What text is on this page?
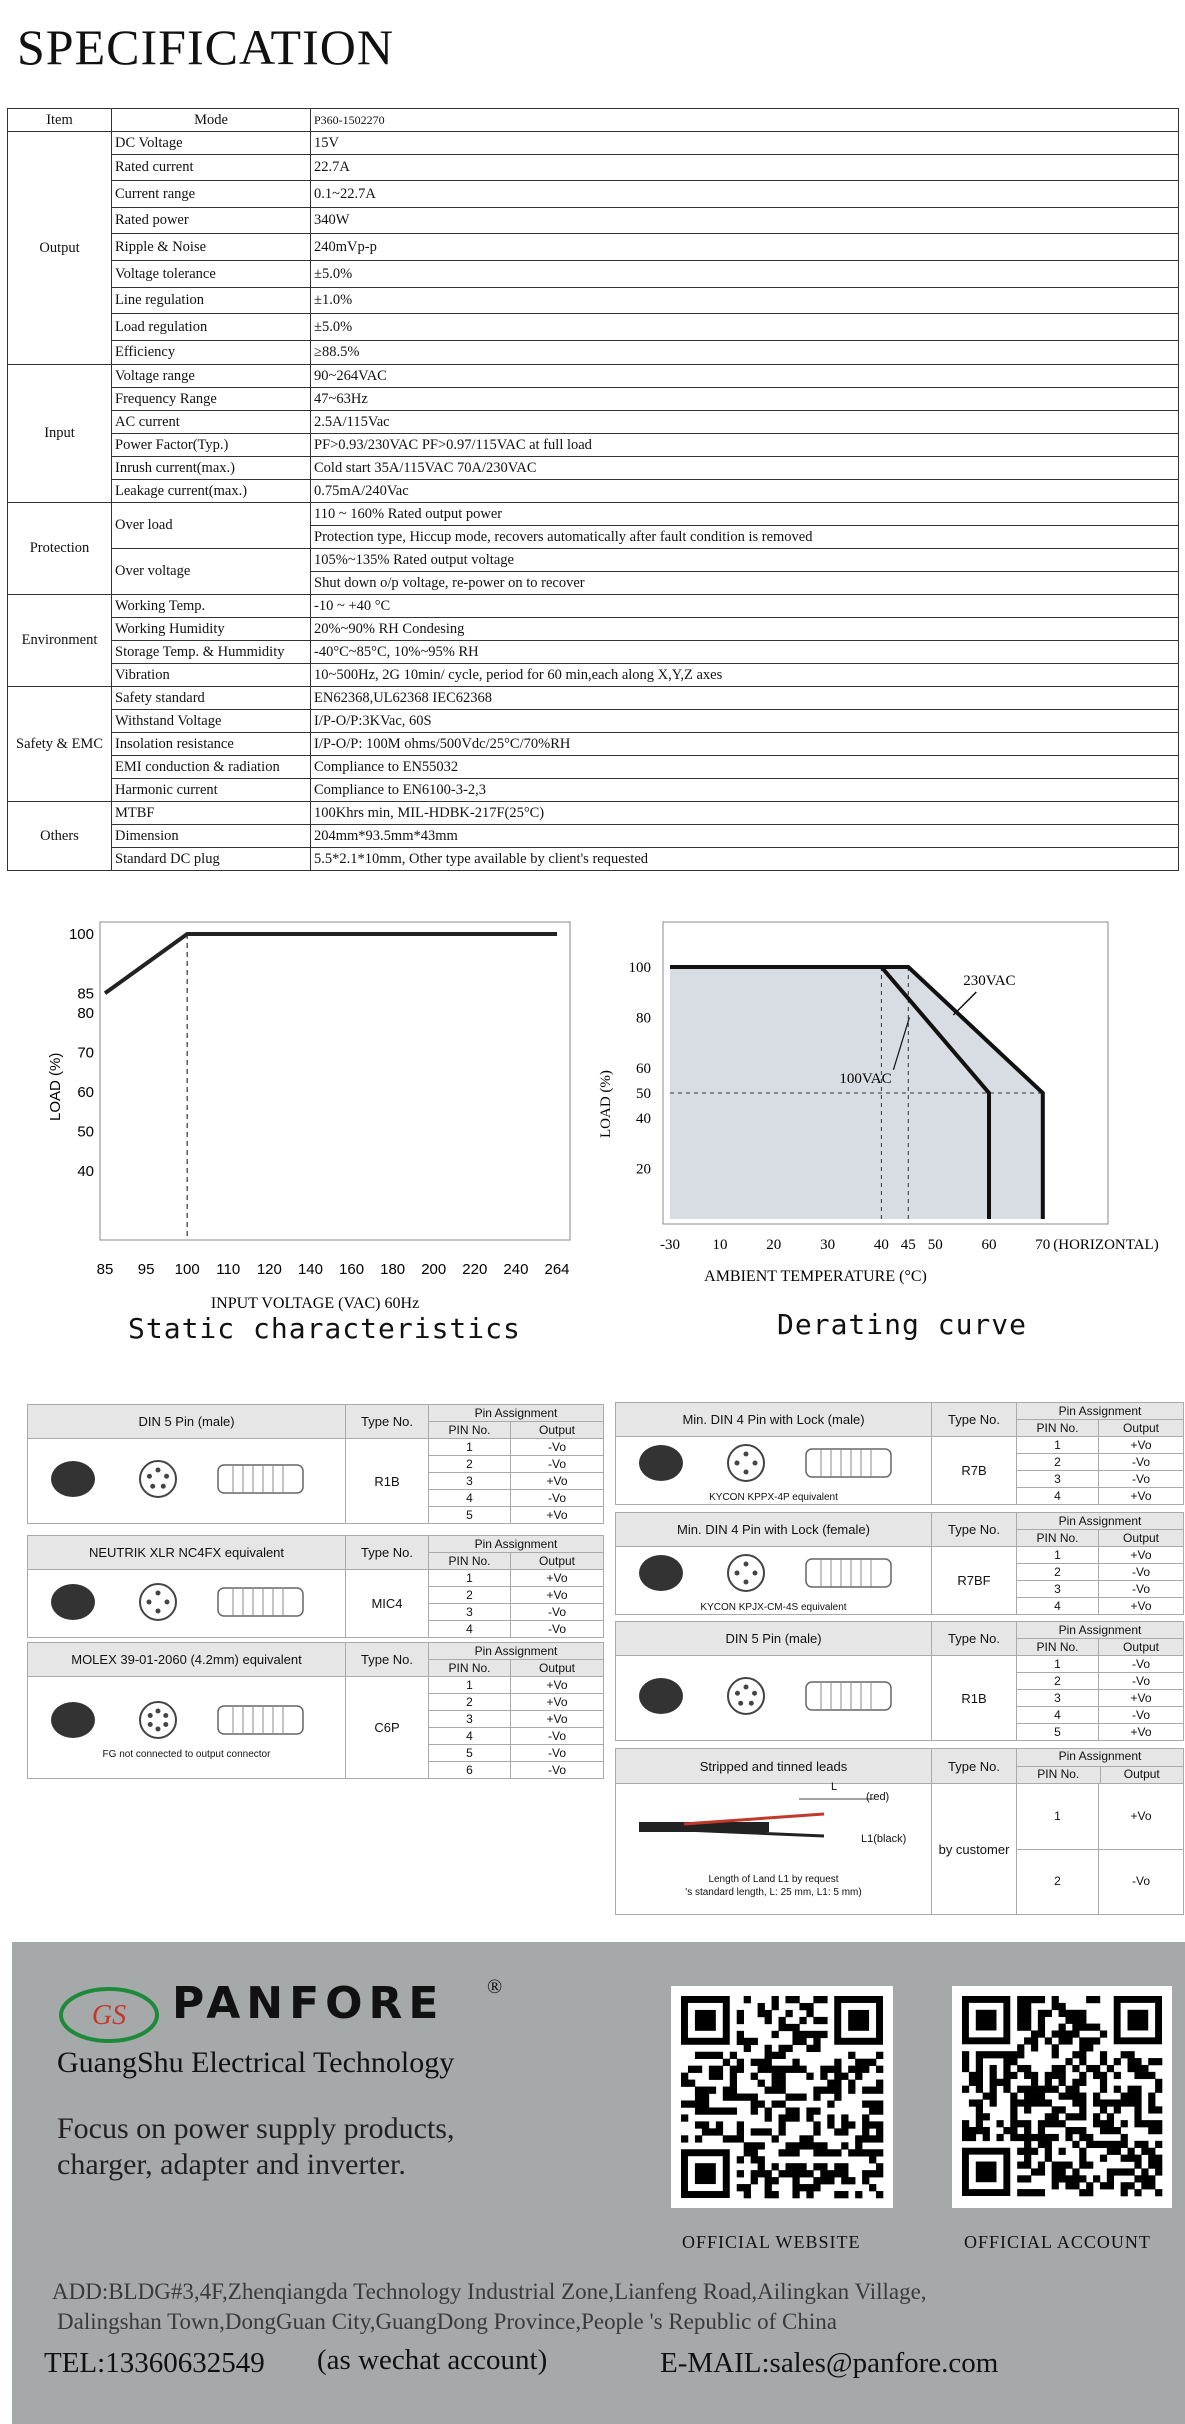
SPECIFICATION
Item	Mode	P360-1502270
Output	DC Voltage	15V
	Rated current	22.7A
	Current range	0.1~22.7A
	Rated power	340W
	Ripple & Noise	240mVp-p
	Voltage tolerance	±5.0%
	Line regulation	±1.0%
	Load regulation	±5.0%
	Efficiency	≥88.5%
Input	Voltage range	90~264VAC
	Frequency Range	47~63Hz
	AC current	2.5A/115Vac
	Power Factor(Typ.)	PF>0.93/230VAC PF>0.97/115VAC at full load
	Inrush current(max.)	Cold start 35A/115VAC 70A/230VAC
	Leakage current(max.)	0.75mA/240Vac
Protection	Over load	110 ~ 160% Rated output power
		Protection type, Hiccup mode, recovers automatically after fault condition is removed
	Over voltage	105%~135% Rated output voltage
		Shut down o/p voltage, re-power on to recover
Environment	Working Temp.	-10 ~ +40 °C
	Working Humidity	20%~90% RH Condesing
	Storage Temp. & Hummidity	-40°C~85°C, 10%~95% RH
	Vibration	10~500Hz, 2G 10min/ cycle, period for 60 min,each along X,Y,Z axes
Safety & EMC	Safety standard	EN62368,UL62368 IEC62368
	Withstand Voltage	I/P-O/P:3KVac, 60S
	Insolation resistance	I/P-O/P: 100M ohms/500Vdc/25°C/70%RH
	EMI conduction & radiation	Compliance to EN55032
	Harmonic current	Compliance to EN6100-3-2,3
Others	MTBF	100Khrs min, MIL-HDBK-217F(25°C)
	Dimension	204mm*93.5mm*43mm
	Standard DC plug	5.5*2.1*10mm, Other type available by client's requested
85 95 100 110 120 140 160 180 200 220 240 264
100
85
80
70
60
50
40
LOAD (%)
INPUT VOLTAGE (VAC) 60Hz
Static characteristics
230VAC
100VAC
-30 10	20	30	40 45 50	60	70 (HORIZONTAL)
100
80
60
50
40
20
LOAD (%)
AMBIENT TEMPERATURE (°C)
Derating curve
DIN 5 Pin (male)	Type No.	Pin Assignment	
		PIN No.	Output
	R1B	1	-Vo
		2	-Vo
		3	+Vo
		4	-Vo
		5	+Vo
NEUTRIK XLR NC4FX equivalent	Type No.	Pin Assignment	
		PIN No.	Output
	MIC4	1	+Vo
		2	+Vo
		3	-Vo
		4	-Vo
MOLEX 39-01-2060 (4.2mm) equivalent	Type No.	Pin Assignment	
		PIN No.	Output

FG not connected to output connector	C6P	1	+Vo
		2	+Vo
		3	+Vo
		4	-Vo
		5	-Vo
		6	-Vo
Min. DIN 4 Pin with Lock (male)	Type No.	Pin Assignment	
		PIN No.	Output

KYCON KPPX-4P equivalent	R7B	1	+Vo
		2	-Vo
		3	-Vo
		4	+Vo
Min. DIN 4 Pin with Lock (female)	Type No.	Pin Assignment	
		PIN No.	Output

KYCON KPJX-CM-4S equivalent	R7BF	1	+Vo
		2	-Vo
		3	-Vo
		4	+Vo
DIN 5 Pin (male)	Type No.	Pin Assignment	
		PIN No.	Output
	R1B	1	-Vo
		2	-Vo
		3	+Vo
		4	-Vo
		5	+Vo
Stripped and tinned leads	Type No.	Pin Assignment
PIN No. Output	

L
(red)
L1(black)
Length of Land L1 by request
's standard length, L: 25 mm, L1: 5 mm)	by customer	1	+Vo
		2	-Vo
GS PANFORE ®
GuangShu Electrical Technology
Focus on power supply products,
charger, adapter and inverter.
OFFICIAL WEBSITE	OFFICIAL ACCOUNT
ADD:BLDG#3,4F,Zhenqiangda Technology Industrial Zone,Lianfeng Road,Ailingkan Village,
Dalingshan Town,DongGuan City,GuangDong Province,People 's Republic of China
TEL:13360632549 (as wechat account)	E-MAIL:sales@panfore.com
